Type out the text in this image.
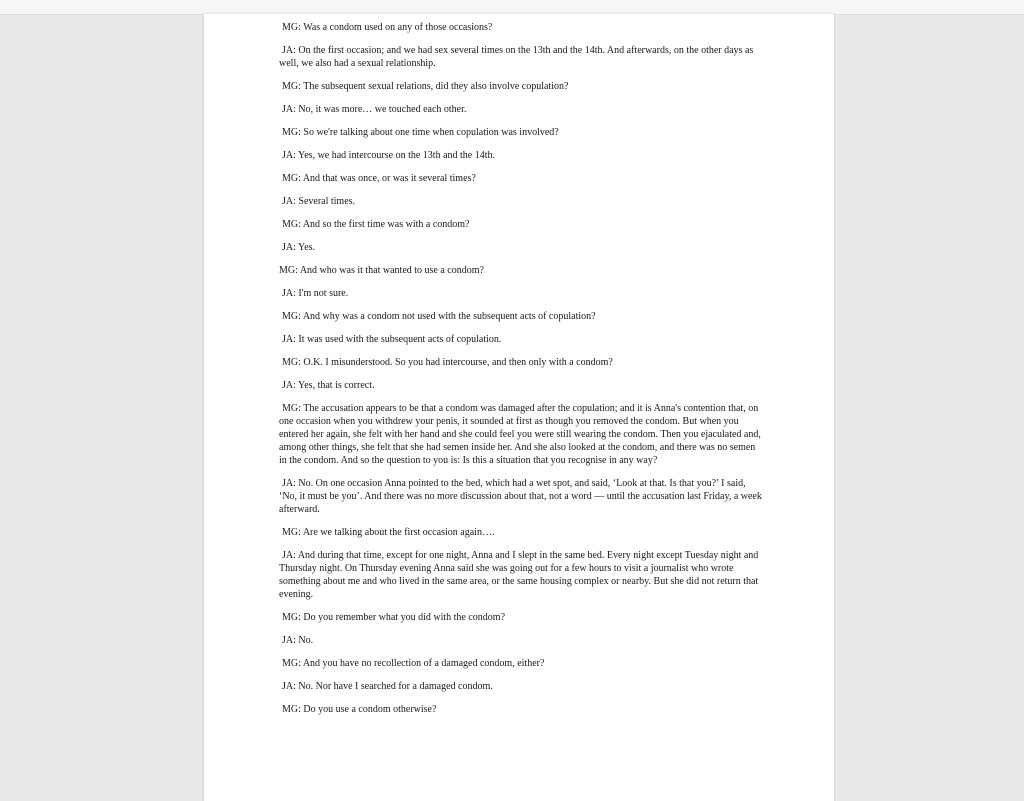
MG: Was a condom used on any of those occasions?

JA: On the first occasion; and we had sex several times on the 13th and the 14th. And afterwards, on the other days as well, we also had a sexual relationship.

MG: The subsequent sexual relations, did they also involve copulation?

JA: No, it was more… we touched each other.

MG: So we're talking about one time when copulation was involved?

JA: Yes, we had intercourse on the 13th and the 14th.

MG: And that was once, or was it several times?

JA: Several times.

MG: And so the first time was with a condom?

JA: Yes.

MG: And who was it that wanted to use a condom?

JA: I'm not sure.

MG: And why was a condom not used with the subsequent acts of copulation?

JA: It was used with the subsequent acts of copulation.

MG: O.K. I misunderstood. So you had intercourse, and then only with a condom?

JA: Yes, that is correct.

MG: The accusation appears to be that a condom was damaged after the copulation; and it is Anna's contention that, on one occasion when you withdrew your penis, it sounded at first as though you removed the condom. But when you entered her again, she felt with her hand and she could feel you were still wearing the condom. Then you ejaculated and, among other things, she felt that she had semen inside her. And she also looked at the condom, and there was no semen in the condom. And so the question to you is: Is this a situation that you recognise in any way?

JA: No. On one occasion Anna pointed to the bed, which had a wet spot, and said, ‘Look at that. Is that you?’ I said, ‘No, it must be you’. And there was no more discussion about that, not a word — until the accusation last Friday, a week afterward.

MG: Are we talking about the first occasion again….

JA: And during that time, except for one night, Anna and I slept in the same bed. Every night except Tuesday night and Thursday night. On Thursday evening Anna said she was going out for a few hours to visit a journalist who wrote something about me and who lived in the same area, or the same housing complex or nearby. But she did not return that evening.

MG: Do you remember what you did with the condom?

JA: No.

MG: And you have no recollection of a damaged condom, either?

JA: No. Nor have I searched for a damaged condom.

MG: Do you use a condom otherwise?
